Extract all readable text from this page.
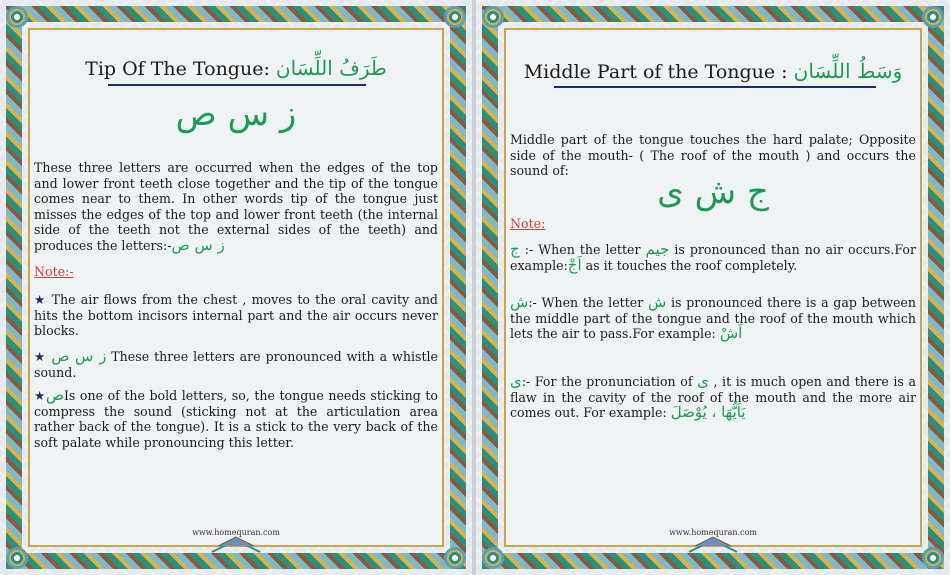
Tip Of The Tongue: طَرَفُ اللِّسَان
ز س ص
These three letters are occurred when the edges of the top and lower front teeth close together and the tip of the tongue comes near to them. In other words tip of the tongue just misses the edges of the top and lower front teeth (the internal side of the teeth not the external sides of the teeth) and produces the letters:-ز س ص
Note:-
★ The air flows from the chest , moves to the oral cavity and hits the bottom incisors internal part and the air occurs never blocks.
★ ز س ص These three letters are pronounced with a whistle sound.
★صIs one of the bold letters, so, the tongue needs sticking to compress the sound (sticking not at the articulation area rather back of the tongue). It is a stick to the very back of the soft palate while pronouncing this letter.
www.homequran.com
Middle Part of the Tongue : وَسَطُ اللِّسَان
Middle part of the tongue touches the hard palate; Opposite side of the mouth- ( The roof of the mouth ) and occurs the sound of:
ج ش ی
Note:
ج :- When the letter جیم is pronounced than no air occurs.For example:اَجْ as it touches the roof completely.
ش:- When the letter ش is pronounced there is a gap between the middle part of the tongue and the roof of the mouth which lets the air to pass.For example: اَشْ
ی:- For the pronunciation of ی , it is much open and there is a flaw in the cavity of the roof of the mouth and the more air comes out. For example: يَاَيُّهَا ، يُوْصَلَ
www.homequran.com
